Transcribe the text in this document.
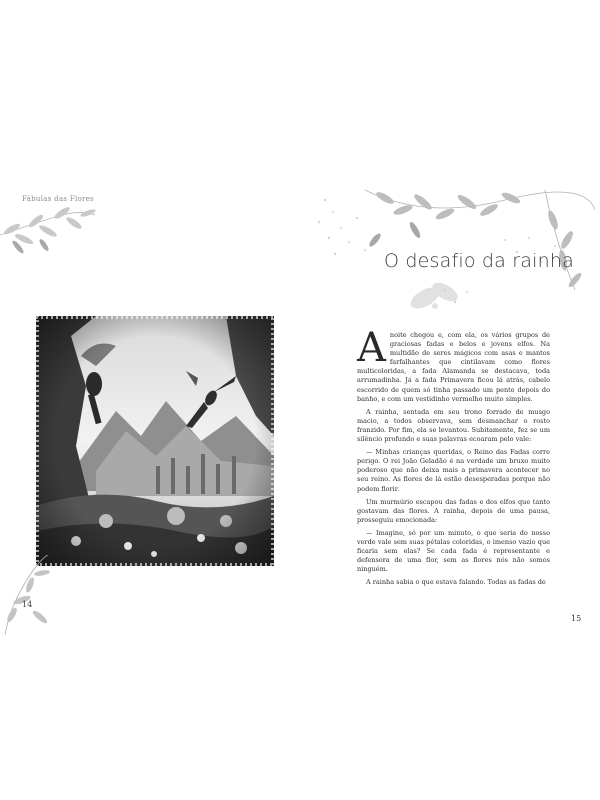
Fábulas das Flores
14
O desafio da rainha

Anoite chegou e, com ela, os vários grupos de graciosas fadas e belos e jovens elfos. Na multidão de seres mágicos com asas e mantos farfalhantes que cintilavam como flores multicoloridas, a fada Alamanda se destacava, toda arrumadinha. Já a fada Primavera ficou lá atrás, cabelo escorrido de quem só tinha passado um pente depois do banho, e com um vestidinho vermelho muito simples.

A rainha, sentada em seu trono forrado de musgo macio, a todos observava, sem desmanchar o rosto franzido. Por fim, ela se levantou. Subitamente, fez se um silêncio profundo e suas palavras ecoaram pelo vale:

— Minhas crianças queridas, o Reino das Fadas corre perigo. O rei João Geladão é na verdade um bruxo muito poderoso que não deixa mais a primavera acontecer no seu reino. As flores de lá estão desesperadas porque não podem florir.

Um murmúrio escapou das fadas e dos elfos que tanto gostavam das flores. A rainha, depois de uma pausa, prosseguiu emocionada:

— Imagine, só por um minuto, o que seria do nosso verde vale sem suas pétalas coloridas, o imenso vazio que ficaria sem elas? Se cada fada é representante e defensora de uma flor, sem as flores nós não somos ninguém.

A rainha sabia o que estava falando. Todas as fadas de

15
